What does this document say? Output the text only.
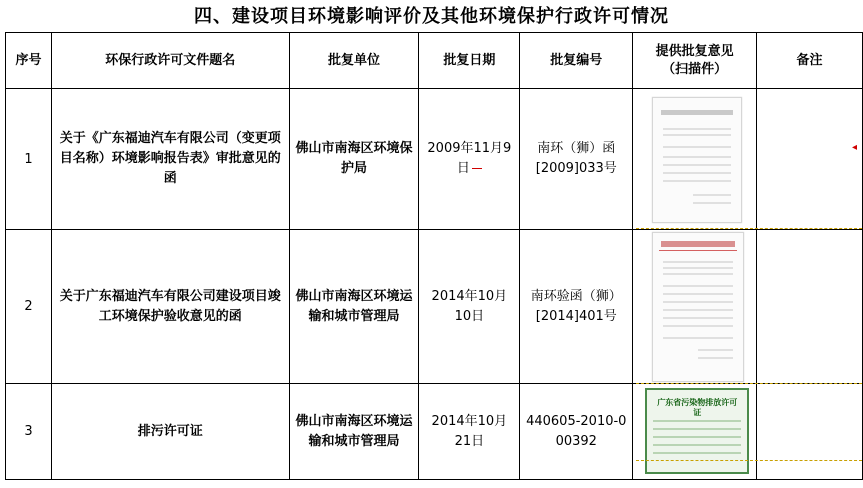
四、建设项目环境影响评价及其他环境保护行政许可情况
序号	环保行政许可文件题名	批复单位	批复日期	批复编号	提供批复意见
（扫描件）	备注
1	关于《广东福迪汽车有限公司（变更项目名称）环境影响报告表》审批意见的函	佛山市南海区环境保护局	2009年11月9日	南环（狮）函[2009]033号	

2	关于广东福迪汽车有限公司建设项目竣工环境保护验收意见的函	佛山市南海区环境运输和城市管理局	2014年10月10日	南环验函（狮）[2014]401号	

3	排污许可证	佛山市南海区环境运输和城市管理局	2014年10月21日	440605-2010-000392	广东省污染物排放许可证	

◂
